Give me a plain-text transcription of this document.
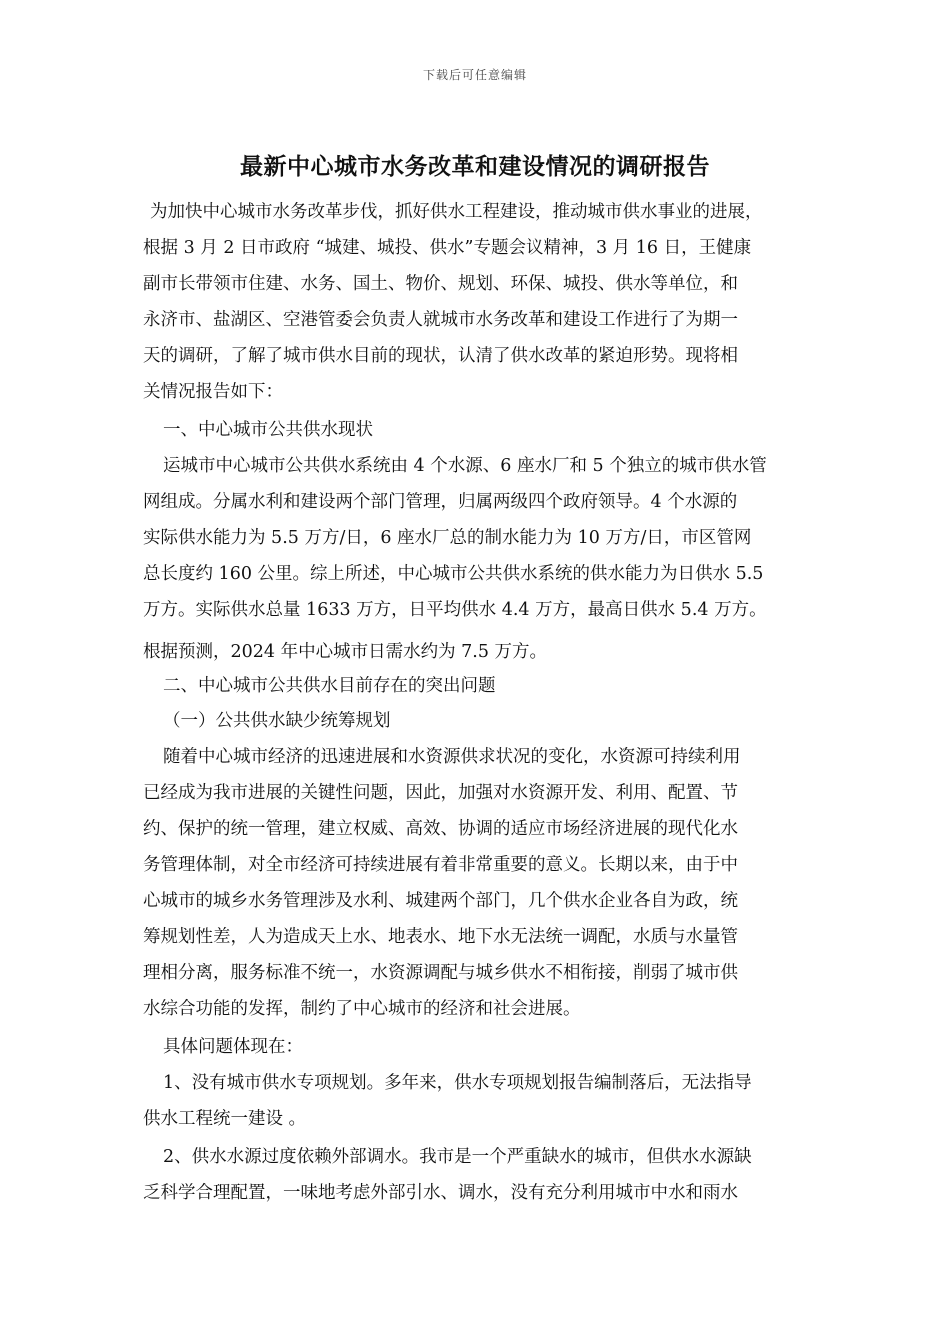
下载后可任意编辑
最新中心城市水务改革和建设情况的调研报告
为加快中心城市水务改革步伐，抓好供水工程建设，推动城市供水事业的进展，
根据 3 月 2 日市政府 “城建、城投、供水”专题会议精神，3 月 16 日，王健康
副市长带领市住建、水务、国土、物价、规划、环保、城投、供水等单位，和
永济市、盐湖区、空港管委会负责人就城市水务改革和建设工作进行了为期一
天的调研，了解了城市供水目前的现状，认清了供水改革的紧迫形势。现将相
关情况报告如下：
一、中心城市公共供水现状
运城市中心城市公共供水系统由 4 个水源、6 座水厂和 5 个独立的城市供水管
网组成。分属水利和建设两个部门管理，归属两级四个政府领导。4 个水源的
实际供水能力为 5.5 万方/日，6 座水厂总的制水能力为 10 万方/日，市区管网
总长度约 160 公里。综上所述，中心城市公共供水系统的供水能力为日供水 5.5
万方。实际供水总量 1633 万方，日平均供水 4.4 万方，最高日供水 5.4 万方。
根据预测，2024 年中心城市日需水约为 7.5 万方。
二、中心城市公共供水目前存在的突出问题
（一）公共供水缺少统筹规划
随着中心城市经济的迅速进展和水资源供求状况的变化，水资源可持续利用
已经成为我市进展的关键性问题，因此，加强对水资源开发、利用、配置、节
约、保护的统一管理，建立权威、高效、协调的适应市场经济进展的现代化水
务管理体制，对全市经济可持续进展有着非常重要的意义。长期以来，由于中
心城市的城乡水务管理涉及水利、城建两个部门，几个供水企业各自为政，统
筹规划性差，人为造成天上水、地表水、地下水无法统一调配，水质与水量管
理相分离，服务标准不统一，水资源调配与城乡供水不相衔接，削弱了城市供
水综合功能的发挥，制约了中心城市的经济和社会进展。
具体问题体现在：
1、没有城市供水专项规划。多年来，供水专项规划报告编制落后，无法指导
供水工程统一建设 。
2、供水水源过度依赖外部调水。我市是一个严重缺水的城市，但供水水源缺
乏科学合理配置，一味地考虑外部引水、调水，没有充分利用城市中水和雨水
